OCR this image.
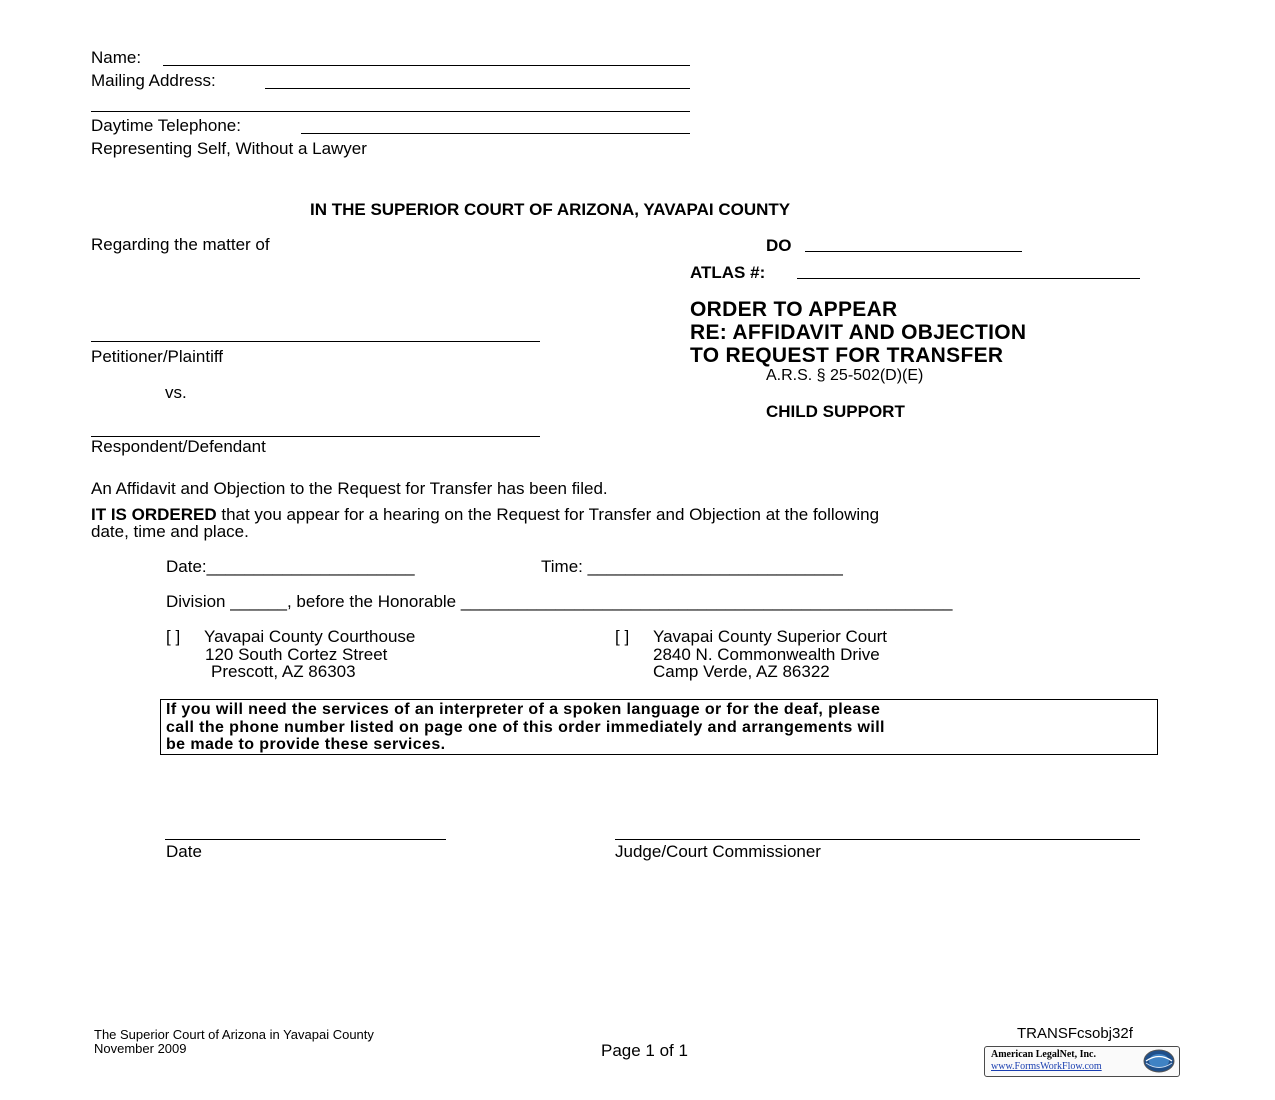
Name:
Mailing Address:
Daytime Telephone:
Representing Self, Without a Lawyer
IN THE SUPERIOR COURT OF ARIZONA, YAVAPAI COUNTY
Regarding the matter of
Petitioner/Plaintiff
vs.
Respondent/Defendant
DO
ATLAS #:
ORDER TO APPEAR
RE: AFFIDAVIT AND OBJECTION
TO REQUEST FOR TRANSFER
A.R.S. § 25-502(D)(E)
CHILD SUPPORT
An Affidavit and Objection to the Request for Transfer has been filed.
IT IS ORDERED that you appear for a hearing on the Request for Transfer and Objection at the following
date, time and place.
Date:______________________	Time: ___________________________
Division ______, before the Honorable ____________________________________________________
[ ] Yavapai County Courthouse
120 South Cortez Street
Prescott, AZ 86303
[ ] Yavapai County Superior Court
2840 N. Commonwealth Drive
Camp Verde, AZ 86322
If you will need the services of an interpreter of a spoken language or for the deaf, please
call the phone number listed on page one of this order immediately and arrangements will
be made to provide these services.
Date	Judge/Court Commissioner
The Superior Court of Arizona in Yavapai County
November 2009	Page 1 of 1
TRANSFcsobj32f
American LegalNet, Inc.
www.FormsWorkFlow.com
